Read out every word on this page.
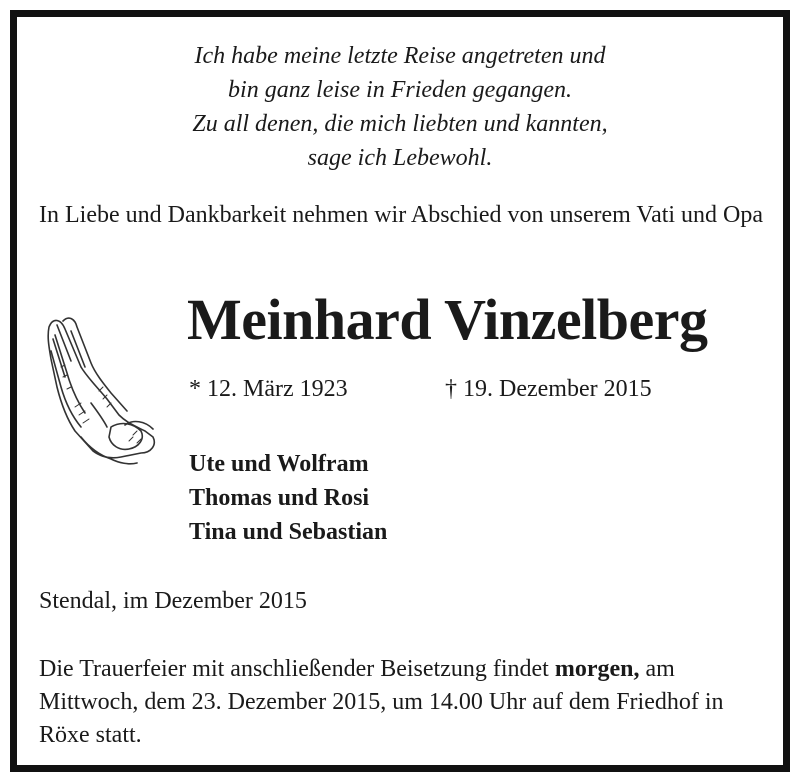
Ich habe meine letzte Reise angetreten und
bin ganz leise in Frieden gegangen.
Zu all denen, die mich liebten und kannten,
sage ich Lebewohl.
In Liebe und Dankbarkeit nehmen wir Abschied von unserem Vati und Opa
Meinhard Vinzelberg
* 12. März 1923	† 19. Dezember 2015
Ute und Wolfram
Thomas und Rosi
Tina und Sebastian
Stendal, im Dezember 2015
Die Trauerfeier mit anschließender Beisetzung findet morgen, am Mittwoch, dem 23. Dezember 2015, um 14.00 Uhr auf dem Friedhof in Röxe statt.
